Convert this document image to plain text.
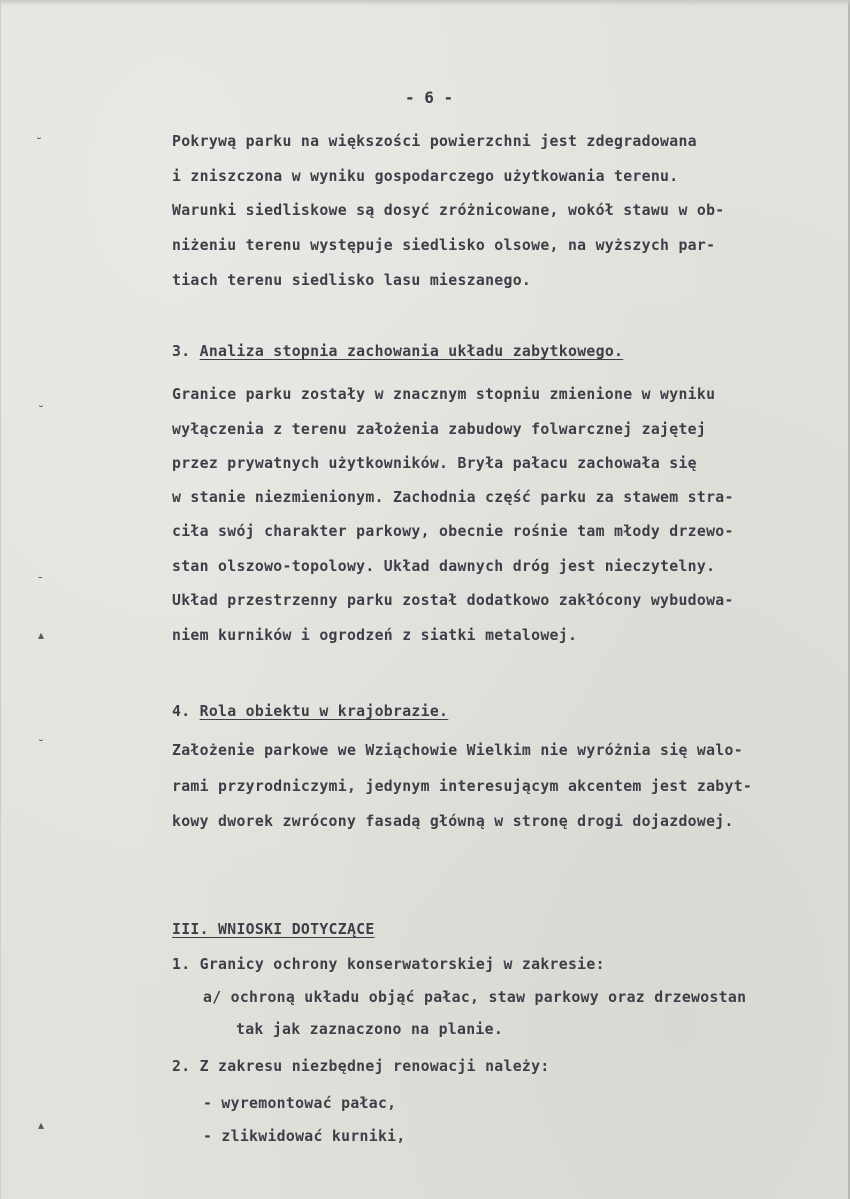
˘
˘
-
▴
˘
▴
- 6 -
Pokrywą parku na większości powierzchni jest zdegradowana
i zniszczona w wyniku gospodarczego użytkowania terenu.
Warunki siedliskowe są dosyć zróżnicowane, wokół stawu w ob-
niżeniu terenu występuje siedlisko olsowe, na wyższych par-
tiach terenu siedlisko lasu mieszanego.
3. Analiza stopnia zachowania układu zabytkowego.
Granice parku zostały w znacznym stopniu zmienione w wyniku
wyłączenia z terenu założenia zabudowy folwarcznej zajętej
przez prywatnych użytkowników. Bryła pałacu zachowała się
w stanie niezmienionym. Zachodnia część parku za stawem stra-
ciła swój charakter parkowy, obecnie rośnie tam młody drzewo-
stan olszowo-topolowy. Układ dawnych dróg jest nieczytelny.
Układ przestrzenny parku został dodatkowo zakłócony wybudowa-
niem kurników i ogrodzeń z siatki metalowej.
4. Rola obiektu w krajobrazie.
Założenie parkowe we Wziąchowie Wielkim nie wyróżnia się walo-
rami przyrodniczymi, jedynym interesującym akcentem jest zabyt-
kowy dworek zwrócony fasadą główną w stronę drogi dojazdowej.
III. WNIOSKI DOTYCZĄCE
1. Granicy ochrony konserwatorskiej w zakresie:
a/ ochroną układu objąć pałac, staw parkowy oraz drzewostan
tak jak zaznaczono na planie.
2. Z zakresu niezbędnej renowacji należy:
- wyremontować pałac,
- zlikwidować kurniki,
